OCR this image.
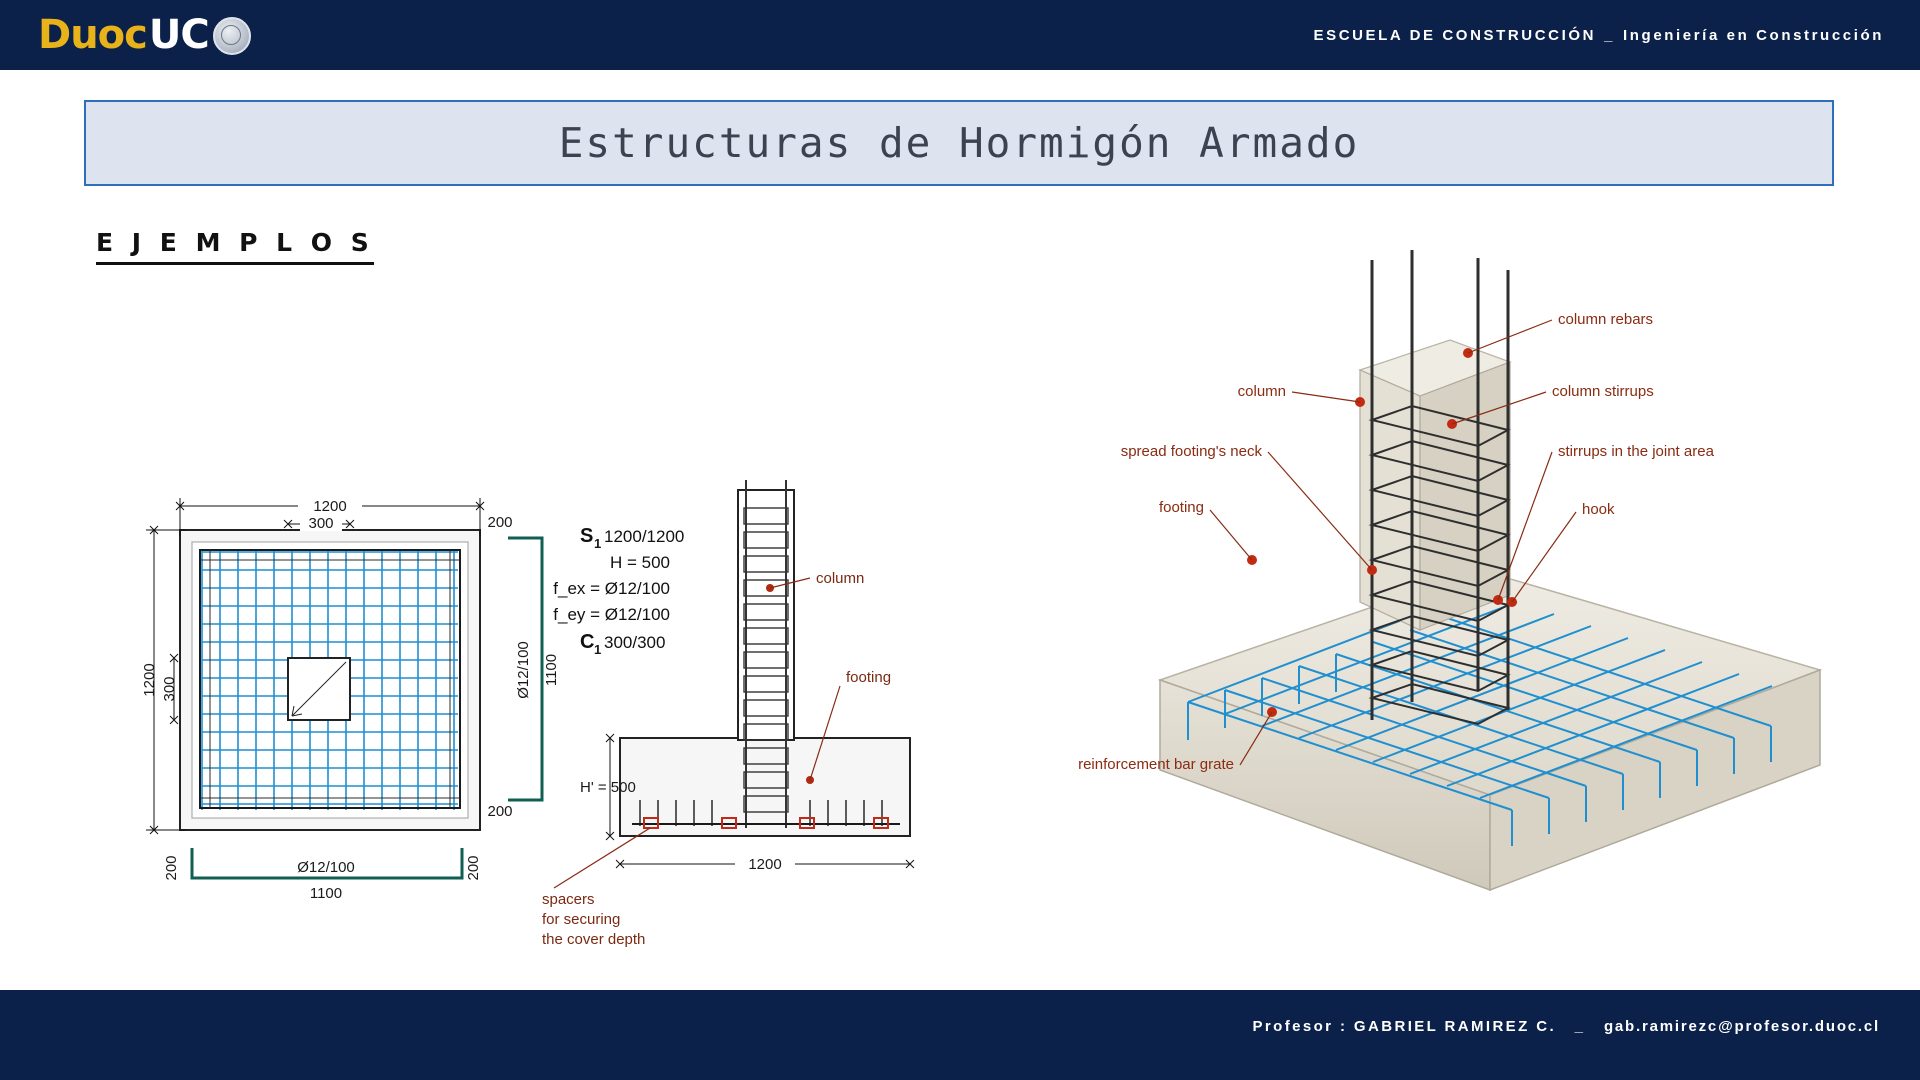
Duoc UC	ESCUELA DE CONSTRUCCIÓN _ Ingeniería en Construcción
Estructuras de Hormigón Armado
E J E M P L O S
1200
300
1200 300
200
200
Ø12/100 1100
200	200
Ø12/100
1100
S 1 1200/1200
H = 500
f_ex = Ø12/100
f_ey = Ø12/100
C 1 300/300
H' = 500
1200
column
footing
spacers
for securing
the cover depth
column rebars
column stirrups
stirrups in the joint area
hook
column
spread footing's neck
footing
reinforcement bar grate
Profesor : GABRIEL RAMIREZ C. _ gab.ramirezc@profesor.duoc.cl
